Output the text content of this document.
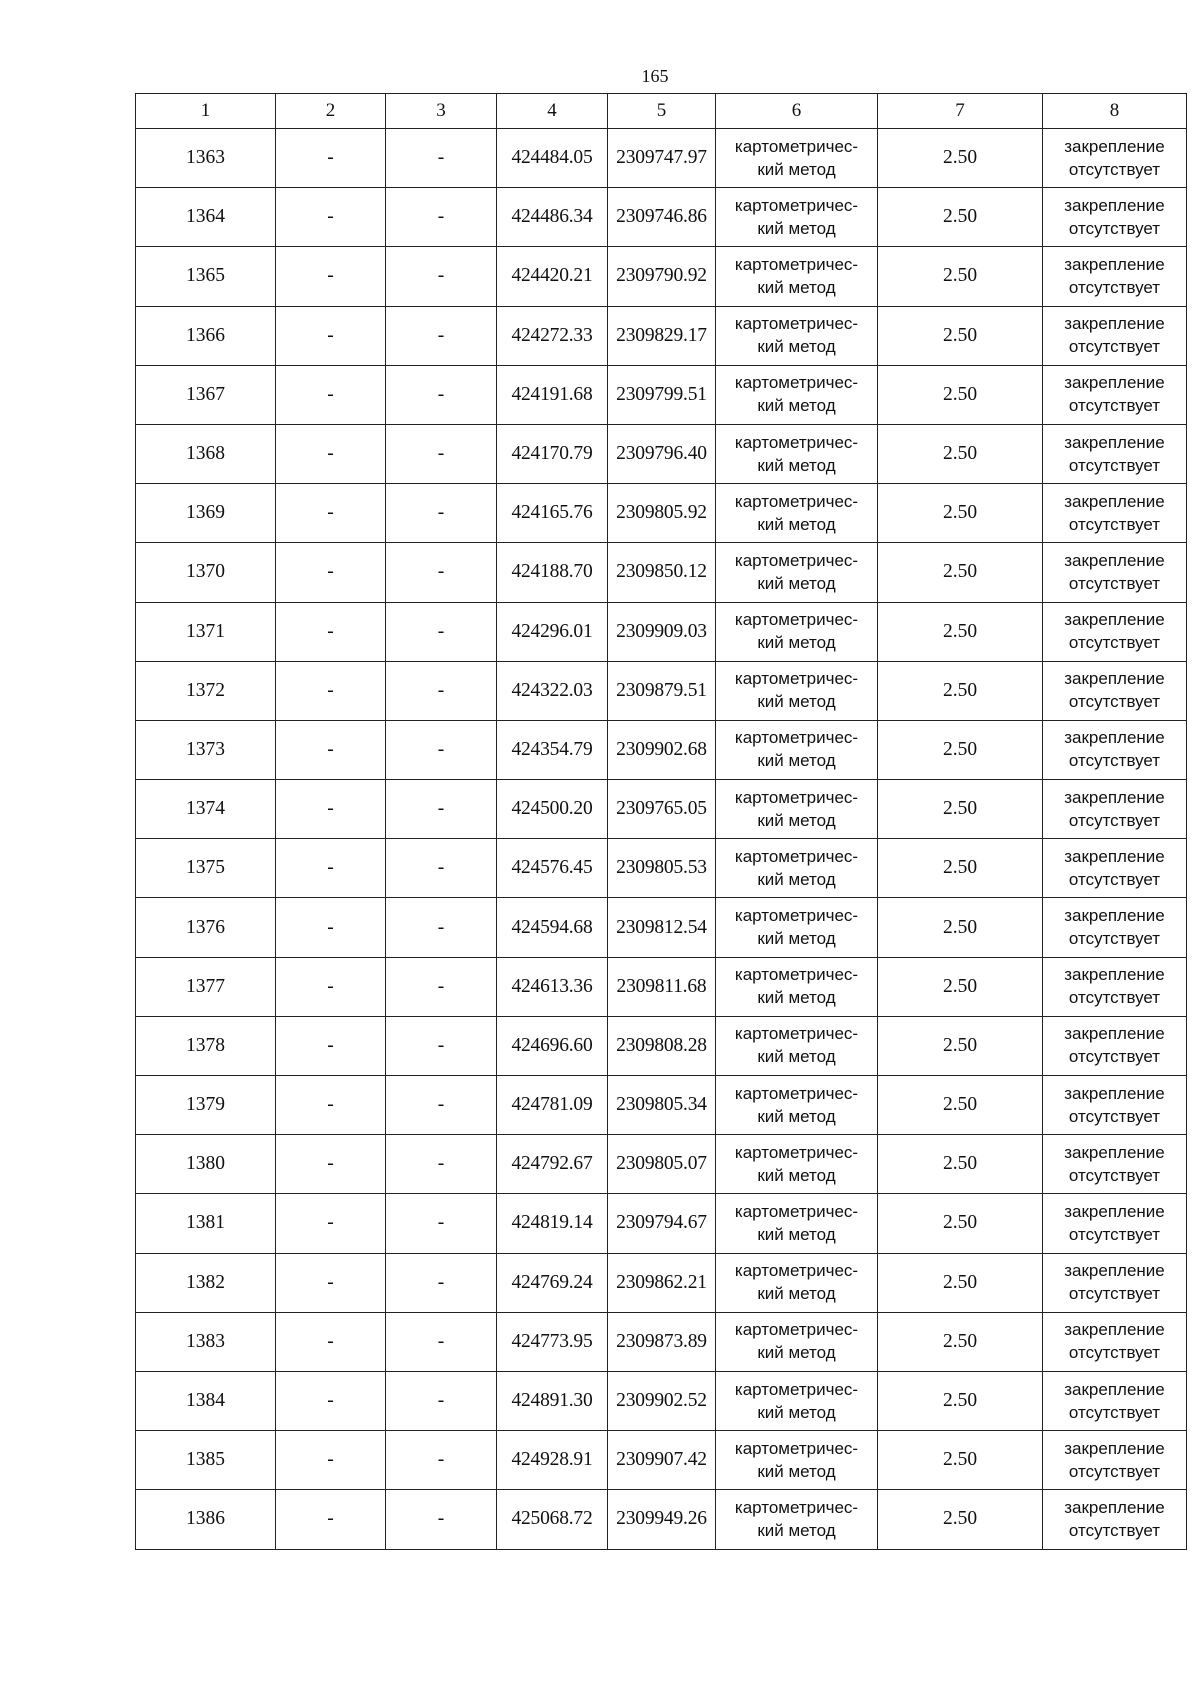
165
1	2	3	4	5	6	7	8
1363	-	-	424484.05	2309747.97	картометричес-
кий метод	2.50	закрепление
отсутствует

1364	-	-	424486.34	2309746.86	картометричес-
кий метод	2.50	закрепление
отсутствует

1365	-	-	424420.21	2309790.92	картометричес-
кий метод	2.50	закрепление
отсутствует

1366	-	-	424272.33	2309829.17	картометричес-
кий метод	2.50	закрепление
отсутствует

1367	-	-	424191.68	2309799.51	картометричес-
кий метод	2.50	закрепление
отсутствует

1368	-	-	424170.79	2309796.40	картометричес-
кий метод	2.50	закрепление
отсутствует

1369	-	-	424165.76	2309805.92	картометричес-
кий метод	2.50	закрепление
отсутствует

1370	-	-	424188.70	2309850.12	картометричес-
кий метод	2.50	закрепление
отсутствует

1371	-	-	424296.01	2309909.03	картометричес-
кий метод	2.50	закрепление
отсутствует

1372	-	-	424322.03	2309879.51	картометричес-
кий метод	2.50	закрепление
отсутствует

1373	-	-	424354.79	2309902.68	картометричес-
кий метод	2.50	закрепление
отсутствует

1374	-	-	424500.20	2309765.05	картометричес-
кий метод	2.50	закрепление
отсутствует

1375	-	-	424576.45	2309805.53	картометричес-
кий метод	2.50	закрепление
отсутствует

1376	-	-	424594.68	2309812.54	картометричес-
кий метод	2.50	закрепление
отсутствует

1377	-	-	424613.36	2309811.68	картометричес-
кий метод	2.50	закрепление
отсутствует

1378	-	-	424696.60	2309808.28	картометричес-
кий метод	2.50	закрепление
отсутствует

1379	-	-	424781.09	2309805.34	картометричес-
кий метод	2.50	закрепление
отсутствует

1380	-	-	424792.67	2309805.07	картометричес-
кий метод	2.50	закрепление
отсутствует

1381	-	-	424819.14	2309794.67	картометричес-
кий метод	2.50	закрепление
отсутствует

1382	-	-	424769.24	2309862.21	картометричес-
кий метод	2.50	закрепление
отсутствует

1383	-	-	424773.95	2309873.89	картометричес-
кий метод	2.50	закрепление
отсутствует

1384	-	-	424891.30	2309902.52	картометричес-
кий метод	2.50	закрепление
отсутствует

1385	-	-	424928.91	2309907.42	картометричес-
кий метод	2.50	закрепление
отсутствует

1386	-	-	425068.72	2309949.26	картометричес-
кий метод	2.50	закрепление
отсутствует
